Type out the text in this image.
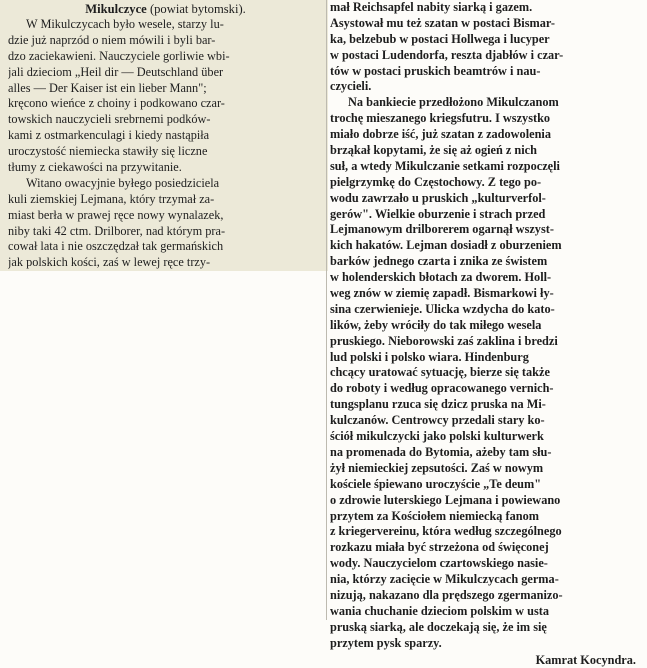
Mikulczyce (powiat bytomski).
W Mikulczycach było wesele, starzy lu-
dzie już naprzód o niem mówili i byli bar-
dzo zaciekawieni. Nauczyciele gorliwie wbi-
jali dzieciom „Heil dir — Deutschland über
alles — Der Kaiser ist ein lieber Mann";
kręcono wieńce z choiny i podkowano czar-
towskich nauczycieli srebrnemi podków-
kami z ostmarkenculagi i kiedy nastąpiła
uroczystość niemiecka stawiły się liczne
tłumy z ciekawości na przywitanie.
Witano owacyjnie byłego posiedziciela
kuli ziemskiej Lejmana, który trzymał za-
miast berła w prawej ręce nowy wynalazek,
niby taki 42 ctm. Drilborer, nad którym pra-
cował lata i nie oszczędzał tak germańskich
jak polskich kości, zaś w lewej ręce trzy-
mał Reichsapfel nabity siarką i gazem.
Asystował mu też szatan w postaci Bismar-
ka, belzebub w postaci Hollwega i lucyper
w postaci Ludendorfa, reszta djabłów i czar-
tów w postaci pruskich beamtrów i nau-
czycieli.
Na bankiecie przedłożono Mikulczanom
trochę mieszanego kriegsfutru. I wszystko
miało dobrze iść, już szatan z zadowolenia
brząkał kopytami, że się aż ogień z nich
suł, a wtedy Mikulczanie setkami rozpoczęli
pielgrzymkę do Częstochowy. Z tego po-
wodu zawrzało u pruskich „kulturverfol-
gerów". Wielkie oburzenie i strach przed
Lejmanowym drilborerem ogarnął wszyst-
kich hakatów. Lejman dosiadł z oburzeniem
barków jednego czarta i znika ze świstem
w holenderskich błotach za dworem. Holl-
weg znów w ziemię zapadł. Bismarkowi ły-
sina czerwienieje. Ulicka wzdycha do kato-
lików, żeby wróciły do tak miłego wesela
pruskiego. Nieborowski zaś zaklina i bredzi
lud polski i polsko wiara. Hindenburg
chcący uratować sytuację, bierze się także
do roboty i według opracowanego vernich-
tungsplanu rzuca się dzicz pruska na Mi-
kulczanów. Centrowcy przedali stary ko-
ściół mikulczycki jako polski kulturwerk
na promenada do Bytomia, ażeby tam słu-
żył niemieckiej zepsutości. Zaś w nowym
kościele śpiewano uroczyście „Te deum"
o zdrowie luterskiego Lejmana i powiewano
przytem za Kościołem niemiecką fanom
z kriegervereinu, która według szczególnego
rozkazu miała być strzeżona od święconej
wody. Nauczycielom czartowskiego nasie-
nia, którzy zacięcie w Mikulczycach germa-
nizują, nakazano dla prędszego zgermanizo-
wania chuchanie dzieciom polskim w usta
pruską siarką, ale doczekają się, że im się
przytem pysk sparzy.
Kamrat Kocyndra.
